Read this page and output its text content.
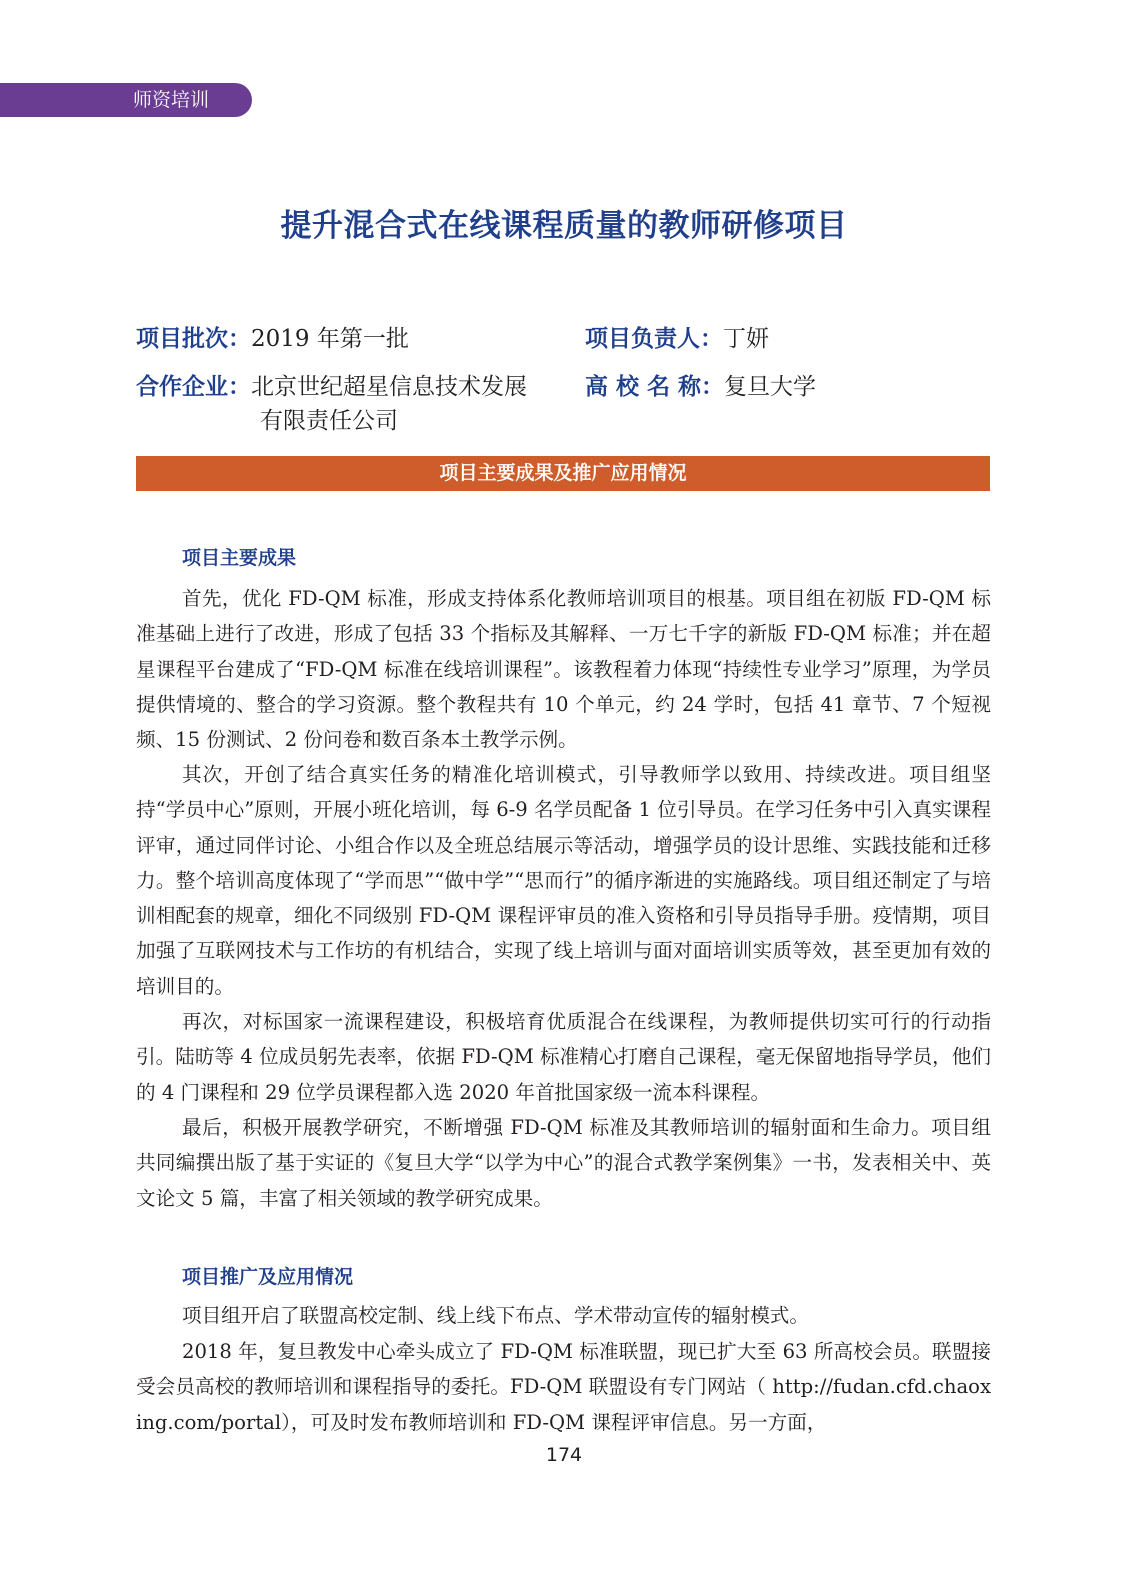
师资培训
提升混合式在线课程质量的教师研修项目
项目批次：2019 年第一批	项目负责人：丁妍
合作企业：北京世纪超星信息技术发展
有限责任公司
高 校 名 称：复旦大学
项目主要成果及推广应用情况
项目主要成果

首先，优化 FD-QM 标准，形成支持体系化教师培训项目的根基。项目组在初版 FD-QM 标准基础上进行了改进，形成了包括 33 个指标及其解释、一万七千字的新版 FD-QM 标准；并在超星课程平台建成了“FD-QM 标准在线培训课程”。该教程着力体现“持续性专业学习”原理，为学员提供情境的、整合的学习资源。整个教程共有 10 个单元，约 24 学时，包括 41 章节、7 个短视频、15 份测试、2 份问卷和数百条本土教学示例。

其次，开创了结合真实任务的精准化培训模式，引导教师学以致用、持续改进。项目组坚持“学员中心”原则，开展小班化培训，每 6-9 名学员配备 1 位引导员。在学习任务中引入真实课程评审，通过同伴讨论、小组合作以及全班总结展示等活动，增强学员的设计思维、实践技能和迁移力。整个培训高度体现了“学而思”“做中学”“思而行”的循序渐进的实施路线。项目组还制定了与培训相配套的规章，细化不同级别 FD-QM 课程评审员的准入资格和引导员指导手册。疫情期，项目加强了互联网技术与工作坊的有机结合，实现了线上培训与面对面培训实质等效，甚至更加有效的培训目的。

再次，对标国家一流课程建设，积极培育优质混合在线课程，为教师提供切实可行的行动指引。陆昉等 4 位成员躬先表率，依据 FD-QM 标准精心打磨自己课程，毫无保留地指导学员，他们的 4 门课程和 29 位学员课程都入选 2020 年首批国家级一流本科课程。

最后，积极开展教学研究，不断增强 FD-QM 标准及其教师培训的辐射面和生命力。项目组共同编撰出版了基于实证的《复旦大学“以学为中心”的混合式教学案例集》一书，发表相关中、英文论文 5 篇，丰富了相关领域的教学研究成果。

项目推广及应用情况

项目组开启了联盟高校定制、线上线下布点、学术带动宣传的辐射模式。

2018 年，复旦教发中心牵头成立了 FD-QM 标准联盟，现已扩大至 63 所高校会员。联盟接受会员高校的教师培训和课程指导的委托。FD-QM 联盟设有专门网站（ http://fudan.cfd.chaoxing.com/portal），可及时发布教师培训和 FD-QM 课程评审信息。另一方面，

174
